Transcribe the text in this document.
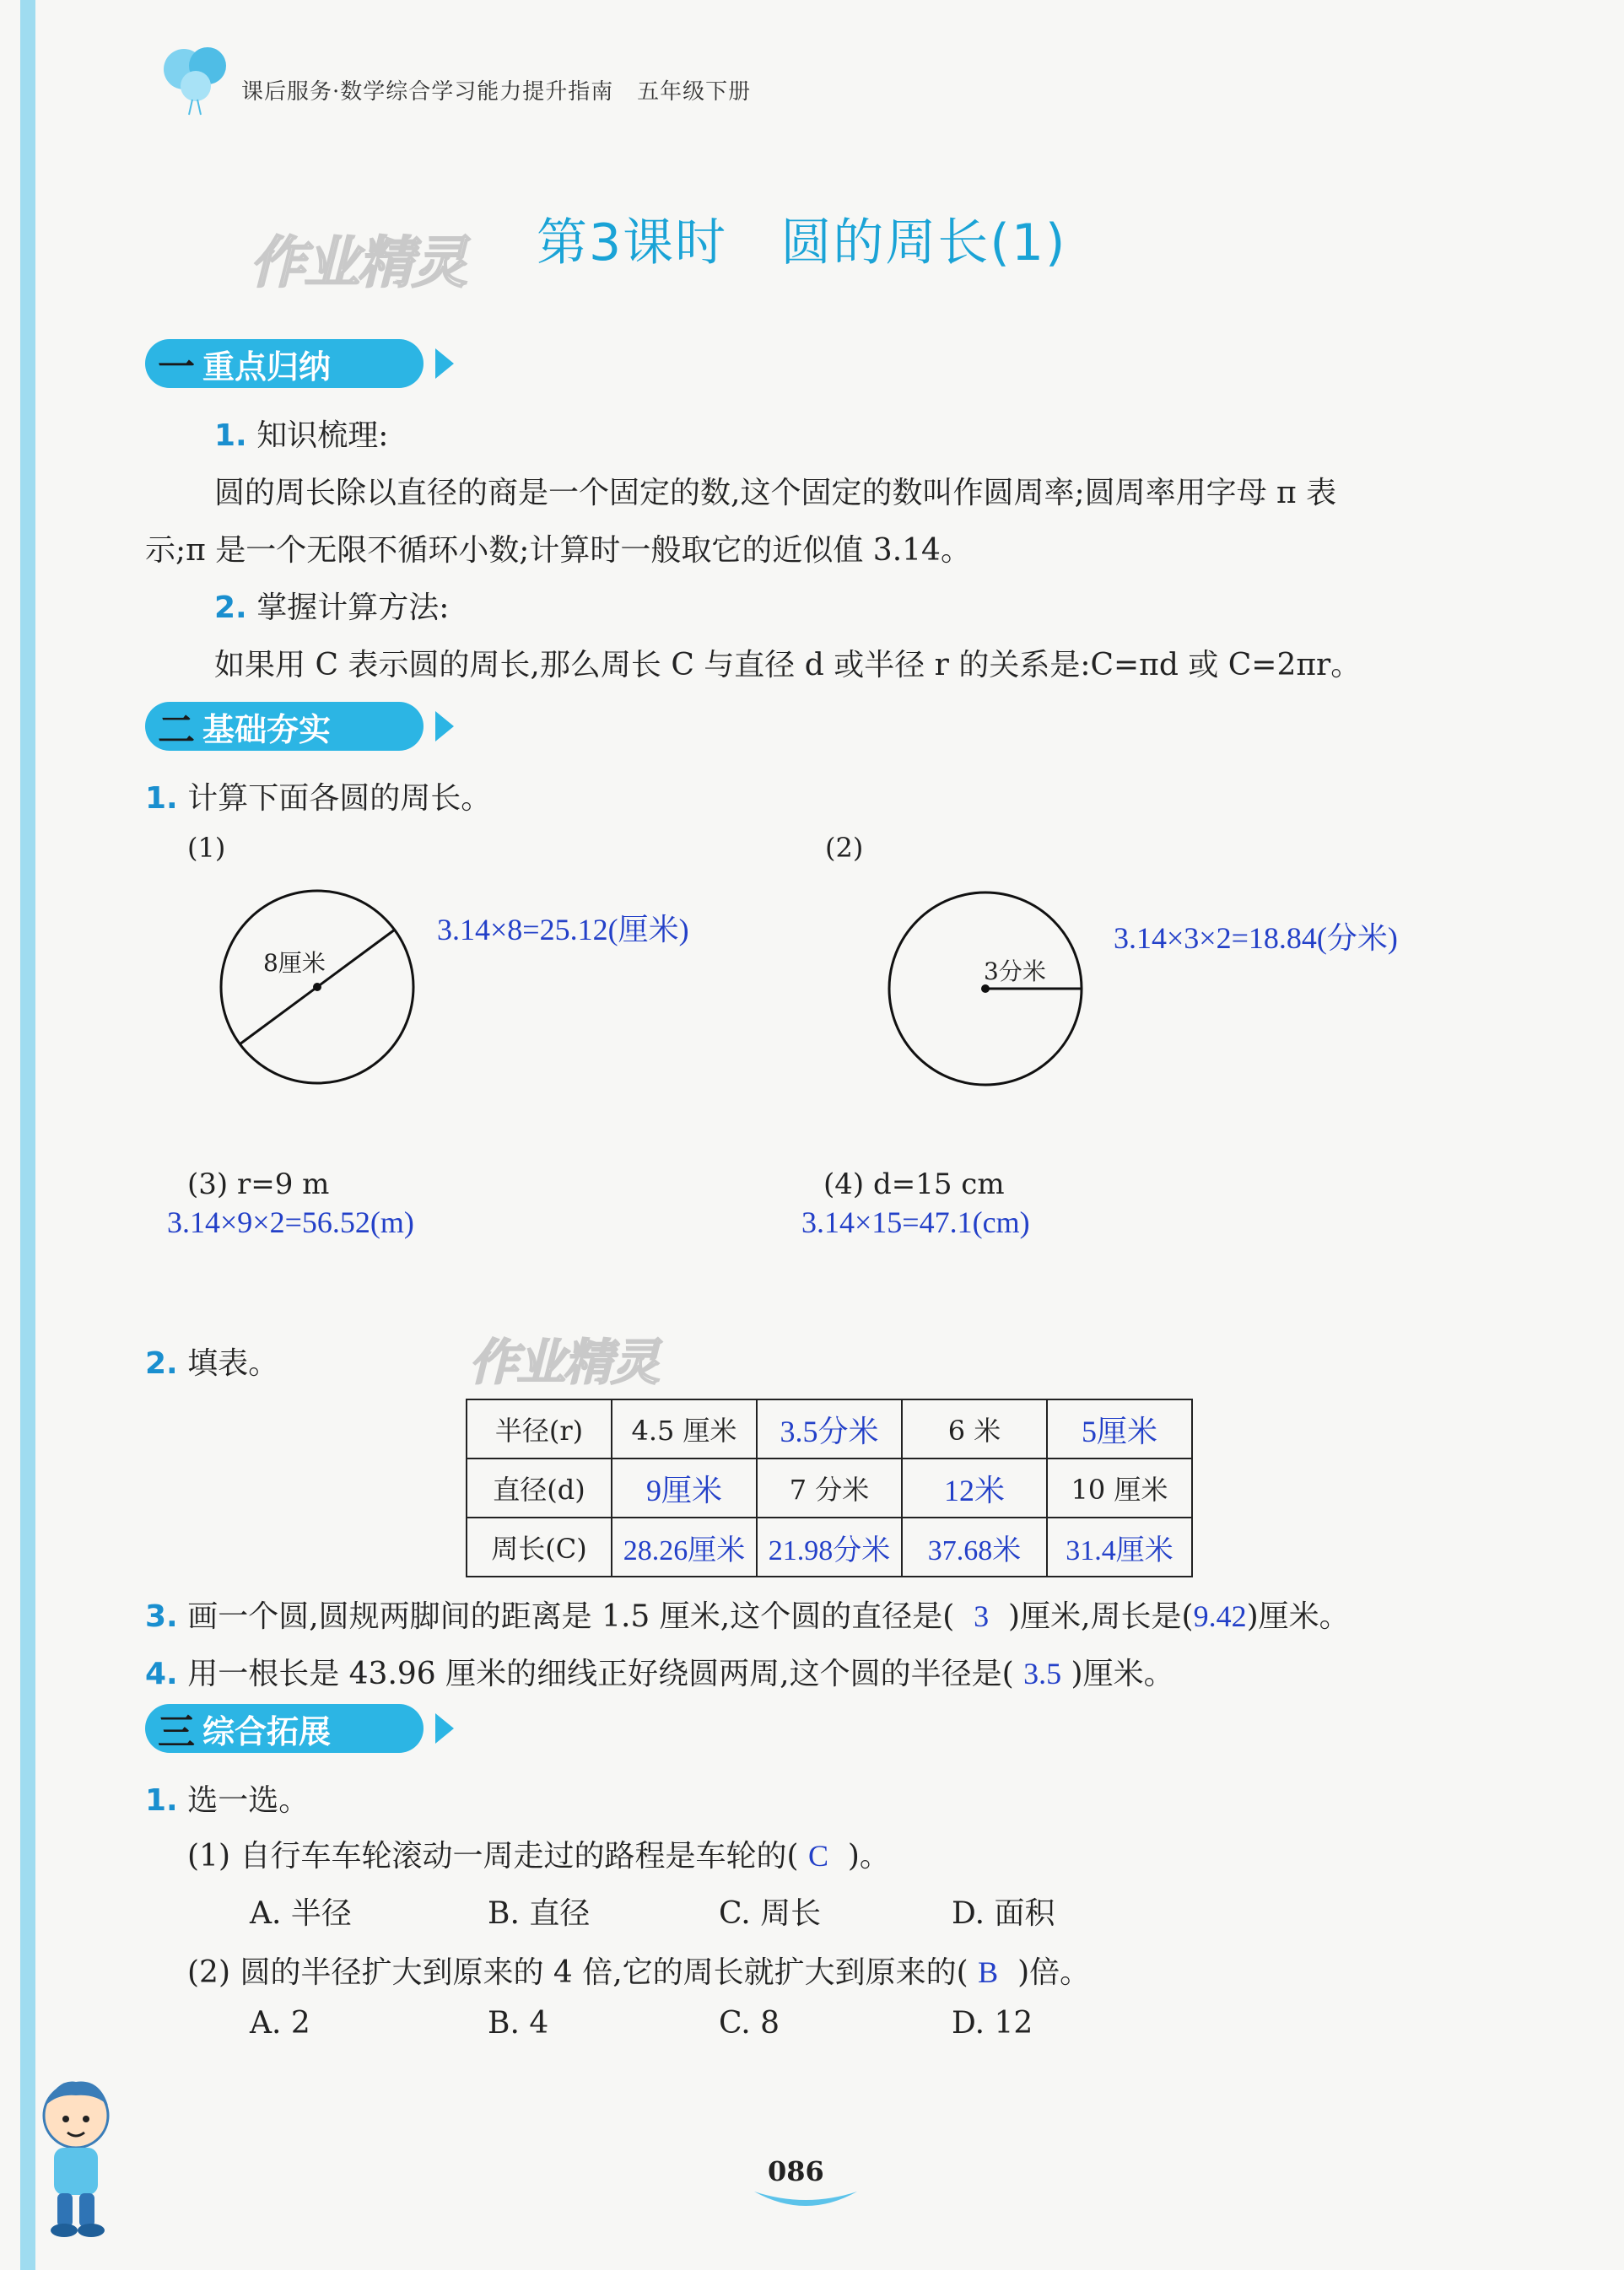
课后服务·数学综合学习能力提升指南 五年级下册
作业精灵 第3课时 圆的周长(1)
一 重点归纳
1. 知识梳理:
圆的周长除以直径的商是一个固定的数,这个固定的数叫作圆周率;圆周率用字母 π 表
示;π 是一个无限不循环小数;计算时一般取它的近似值 3.14。
2. 掌握计算方法:
如果用 C 表示圆的周长,那么周长 C 与直径 d 或半径 r 的关系是:C=πd 或 C=2πr。
二 基础夯实
1. 计算下面各圆的周长。
(1)
8厘米
3.14×8=25.12(厘米)
(2)
3分米
3.14×3×2=18.84(分米)
(3) r=9 m
3.14×9×2=56.52(m)
(4) d=15 cm
3.14×15=47.1(cm)
2. 填表。	作业精灵
半径(r)	4.5 厘米	3.5分米	6 米	5厘米
直径(d)	9厘米	7 分米	12米	10 厘米
周长(C)	28.26厘米	21.98分米	37.68米	31.4厘米
3. 画一个圆,圆规两脚间的距离是 1.5 厘米,这个圆的直径是( 3 )厘米,周长是(9.42)厘米。
4. 用一根长是 43.96 厘米的细线正好绕圆两周,这个圆的半径是( 3.5 )厘米。
三 综合拓展
1. 选一选。
(1) 自行车车轮滚动一周走过的路程是车轮的( C )。
A. 半径	B. 直径	C. 周长	D. 面积
(2) 圆的半径扩大到原来的 4 倍,它的周长就扩大到原来的( B )倍。
A. 2	B. 4	C. 8	D. 12
086
